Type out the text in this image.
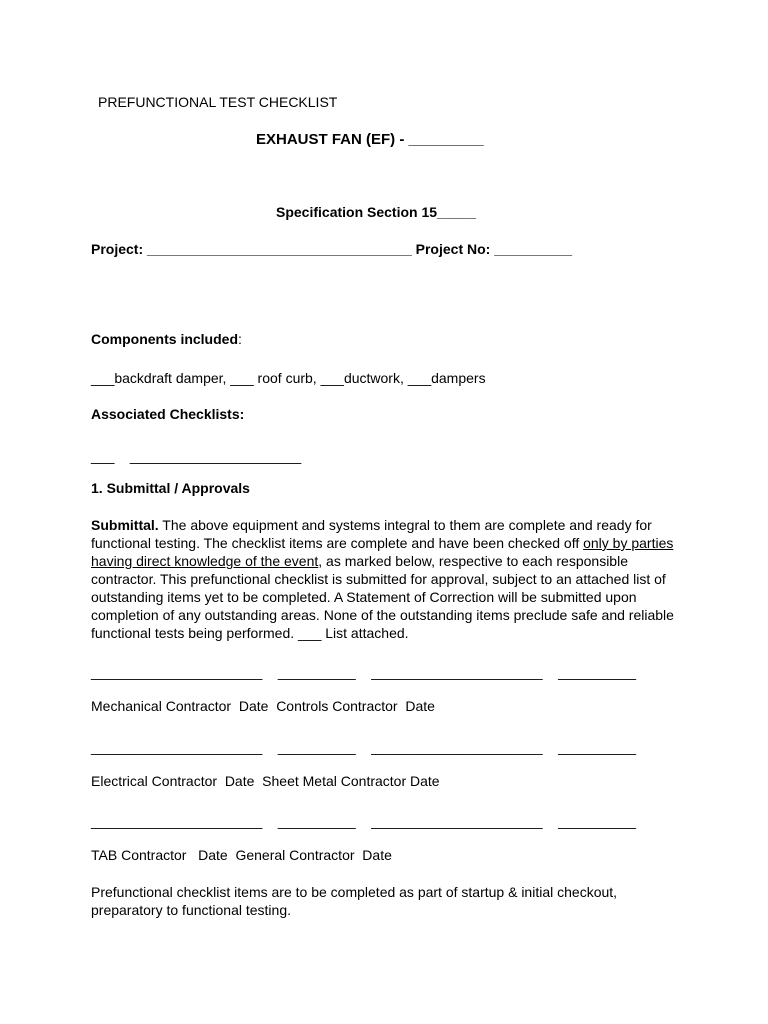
PREFUNCTIONAL TEST CHECKLIST
EXHAUST FAN (EF) - _________
Specification Section 15_____
Project: __________________________________ Project No: __________
Components included:
___backdraft damper, ___ roof curb, ___ductwork, ___dampers
Associated Checklists:
___    ______________________
1. Submittal / Approvals
Submittal. The above equipment and systems integral to them are complete and ready for functional testing. The checklist items are complete and have been checked off only by parties having direct knowledge of the event, as marked below, respective to each responsible contractor. This prefunctional checklist is submitted for approval, subject to an attached list of outstanding items yet to be completed. A Statement of Correction will be submitted upon completion of any outstanding areas. None of the outstanding items preclude safe and reliable functional tests being performed. ___ List attached.
______________________    __________    ______________________    __________
Mechanical Contractor  Date  Controls Contractor  Date
______________________    __________    ______________________    __________
Electrical Contractor  Date  Sheet Metal Contractor Date
______________________    __________    ______________________    __________
TAB Contractor   Date  General Contractor  Date
Prefunctional checklist items are to be completed as part of startup & initial checkout, preparatory to functional testing.
